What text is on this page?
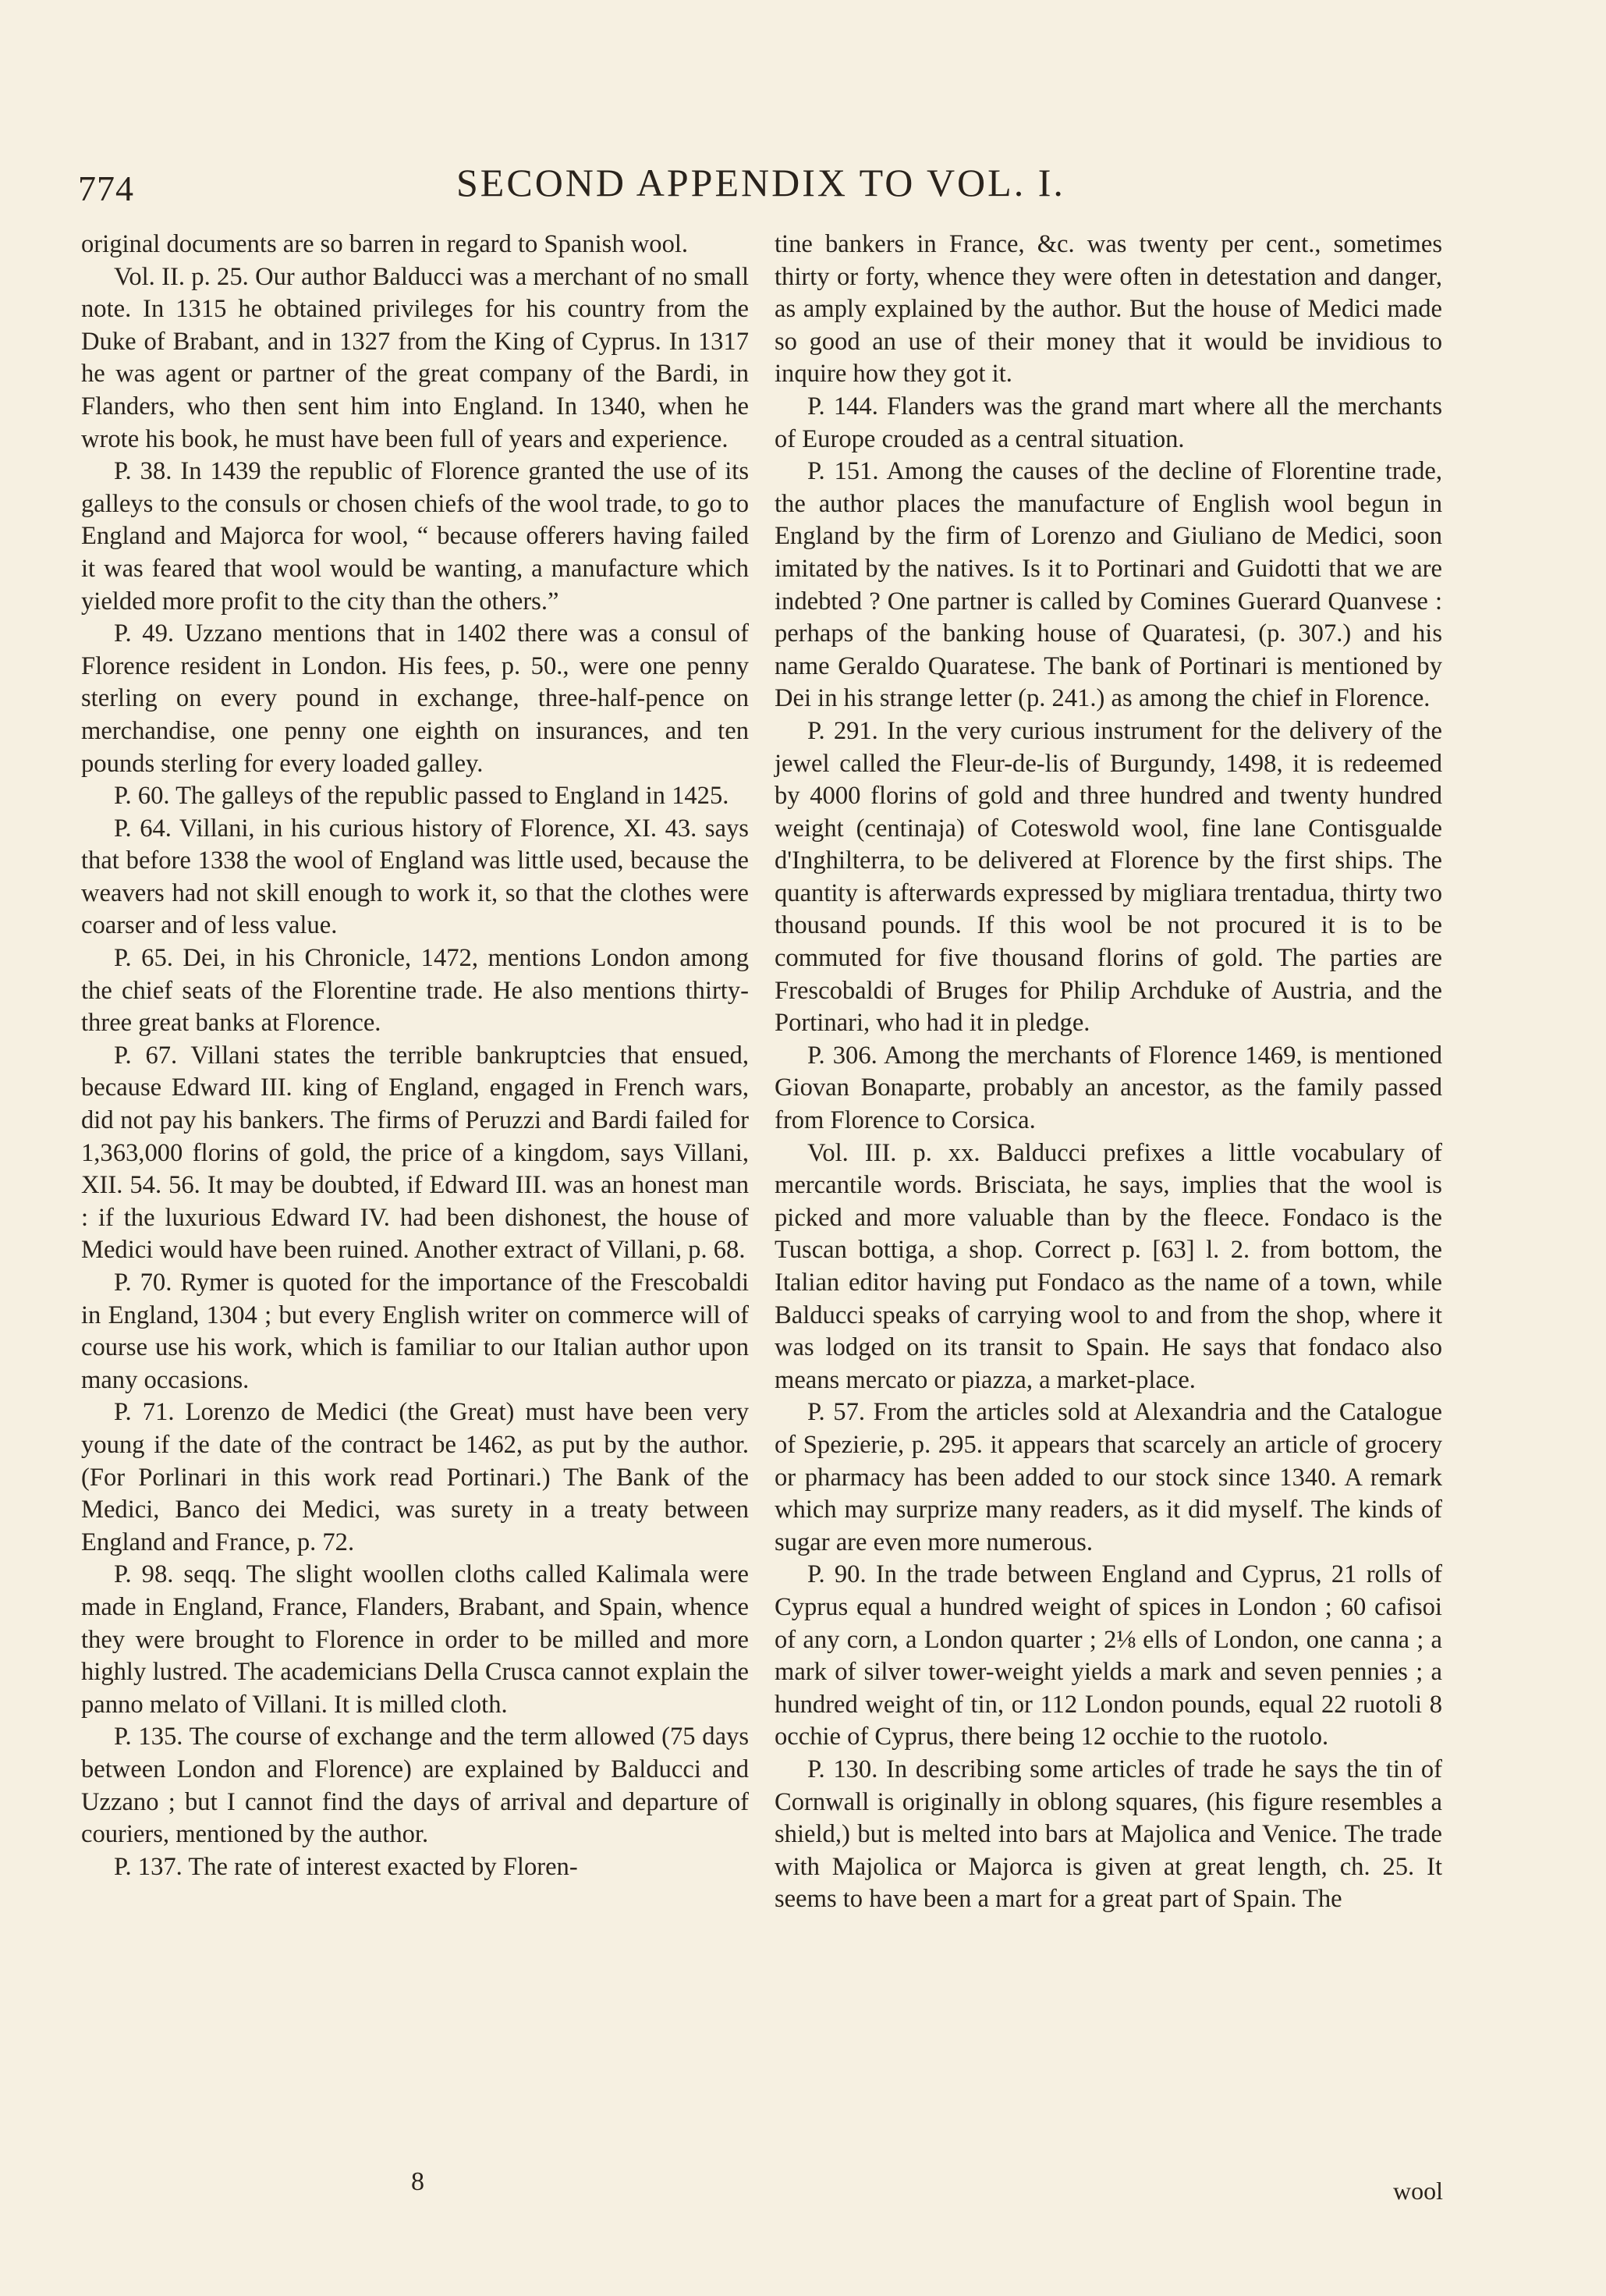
774	SECOND APPENDIX TO VOL. I.

original documents are so barren in regard to Spanish wool.

Vol. II. p. 25. Our author Balducci was a merchant of no small note. In 1315 he obtained privileges for his country from the Duke of Brabant, and in 1327 from the King of Cyprus. In 1317 he was agent or partner of the great company of the Bardi, in Flanders, who then sent him into England. In 1340, when he wrote his book, he must have been full of years and experience.

P. 38. In 1439 the republic of Florence granted the use of its galleys to the consuls or chosen chiefs of the wool trade, to go to England and Majorca for wool, “ because offerers having failed it was feared that wool would be wanting, a manufacture which yielded more profit to the city than the others.”

P. 49. Uzzano mentions that in 1402 there was a consul of Florence resident in London. His fees, p. 50., were one penny sterling on every pound in exchange, three-half-pence on merchandise, one penny one eighth on insurances, and ten pounds sterling for every loaded galley.

P. 60. The galleys of the republic passed to England in 1425.

P. 64. Villani, in his curious history of Florence, XI. 43. says that before 1338 the wool of England was little used, because the weavers had not skill enough to work it, so that the clothes were coarser and of less value.

P. 65. Dei, in his Chronicle, 1472, mentions London among the chief seats of the Florentine trade. He also mentions thirty-three great banks at Florence.

P. 67. Villani states the terrible bankruptcies that ensued, because Edward III. king of England, engaged in French wars, did not pay his bankers. The firms of Peruzzi and Bardi failed for 1,363,000 florins of gold, the price of a kingdom, says Villani, XII. 54. 56. It may be doubted, if Edward III. was an honest man : if the luxurious Edward IV. had been dishonest, the house of Medici would have been ruined. Another extract of Villani, p. 68.

P. 70. Rymer is quoted for the importance of the Frescobaldi in England, 1304 ; but every English writer on commerce will of course use his work, which is familiar to our Italian author upon many occasions.

P. 71. Lorenzo de Medici (the Great) must have been very young if the date of the contract be 1462, as put by the author. (For Porlinari in this work read Portinari.) The Bank of the Medici, Banco dei Medici, was surety in a treaty between England and France, p. 72.

P. 98. seqq. The slight woollen cloths called Kalimala were made in England, France, Flanders, Brabant, and Spain, whence they were brought to Florence in order to be milled and more highly lustred. The academicians Della Crusca cannot explain the panno melato of Villani. It is milled cloth.

P. 135. The course of exchange and the term allowed (75 days between London and Florence) are explained by Balducci and Uzzano ; but I cannot find the days of arrival and departure of couriers, mentioned by the author.

P. 137. The rate of interest exacted by Floren-

tine bankers in France, &c. was twenty per cent., sometimes thirty or forty, whence they were often in detestation and danger, as amply explained by the author. But the house of Medici made so good an use of their money that it would be invidious to inquire how they got it.

P. 144. Flanders was the grand mart where all the merchants of Europe crouded as a central situation.

P. 151. Among the causes of the decline of Florentine trade, the author places the manufacture of English wool begun in England by the firm of Lorenzo and Giuliano de Medici, soon imitated by the natives. Is it to Portinari and Guidotti that we are indebted ? One partner is called by Comines Guerard Quanvese : perhaps of the banking house of Quaratesi, (p. 307.) and his name Geraldo Quaratese. The bank of Portinari is mentioned by Dei in his strange letter (p. 241.) as among the chief in Florence.

P. 291. In the very curious instrument for the delivery of the jewel called the Fleur-de-lis of Burgundy, 1498, it is redeemed by 4000 florins of gold and three hundred and twenty hundred weight (centinaja) of Coteswold wool, fine lane Contisgualde d'Inghilterra, to be delivered at Florence by the first ships. The quantity is afterwards expressed by migliara trentadua, thirty two thousand pounds. If this wool be not procured it is to be commuted for five thousand florins of gold. The parties are Frescobaldi of Bruges for Philip Archduke of Austria, and the Portinari, who had it in pledge.

P. 306. Among the merchants of Florence 1469, is mentioned Giovan Bonaparte, probably an ancestor, as the family passed from Florence to Corsica.

Vol. III. p. xx. Balducci prefixes a little vocabulary of mercantile words. Brisciata, he says, implies that the wool is picked and more valuable than by the fleece. Fondaco is the Tuscan bottiga, a shop. Correct p. [63] l. 2. from bottom, the Italian editor having put Fondaco as the name of a town, while Balducci speaks of carrying wool to and from the shop, where it was lodged on its transit to Spain. He says that fondaco also means mercato or piazza, a market-place.

P. 57. From the articles sold at Alexandria and the Catalogue of Spezierie, p. 295. it appears that scarcely an article of grocery or pharmacy has been added to our stock since 1340. A remark which may surprize many readers, as it did myself. The kinds of sugar are even more numerous.

P. 90. In the trade between England and Cyprus, 21 rolls of Cyprus equal a hundred weight of spices in London ; 60 cafisoi of any corn, a London quarter ; 2⅛ ells of London, one canna ; a mark of silver tower-weight yields a mark and seven pennies ; a hundred weight of tin, or 112 London pounds, equal 22 ruotoli 8 occhie of Cyprus, there being 12 occhie to the ruotolo.

P. 130. In describing some articles of trade he says the tin of Cornwall is originally in oblong squares, (his figure resembles a shield,) but is melted into bars at Majolica and Venice. The trade with Majolica or Majorca is given at great length, ch. 25. It seems to have been a mart for a great part of Spain. The

8	wool
